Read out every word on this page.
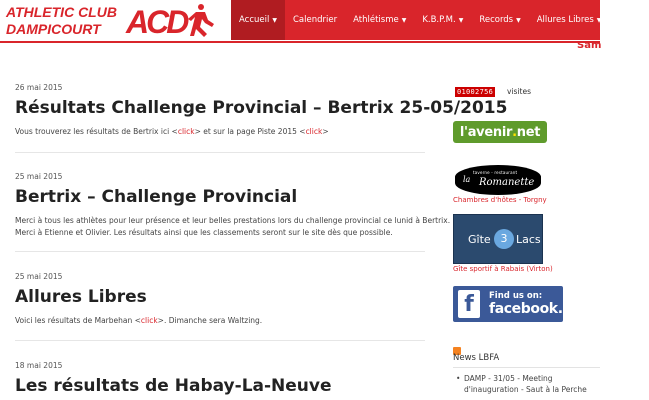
ATHLETIC CLUB
DAMPICOURT ACD	Accueil ▼ Calendrier Athlétisme ▼ K.B.P.M. ▼ Records ▼ Allures Libres ▼ Info ▼
Sam
26 mai 2015
Résultats Challenge Provincial – Bertrix 25-05/2015

Vous trouverez les résultats de Bertrix ici <click> et sur la page Piste 2015 <click>

25 mai 2015
Bertrix – Challenge Provincial

Merci à tous les athlètes pour leur présence et leur belles prestations lors du challenge provincial ce lunid à Bertrix.
Merci à Etienne et Olivier. Les résultats ainsi que les classements seront sur le site dès que possible.

25 mai 2015
Allures Libres

Voici les résultats de Marbehan <click>. Dimanche sera Waltzing.

18 mai 2015
Les résultats de Habay-La-Neuve
01002756 visites
l'avenir . net
taverne - restaurant
la Romanette
Chambres d'hôtes - Torgny
Gîte 3 Lacs
Gîte sportif à Rabais (Virton)
f	Find us on:
facebook.
News LBFA
• DAMP - 31/05 - Meeting d'inauguration - Saut à la Perche
